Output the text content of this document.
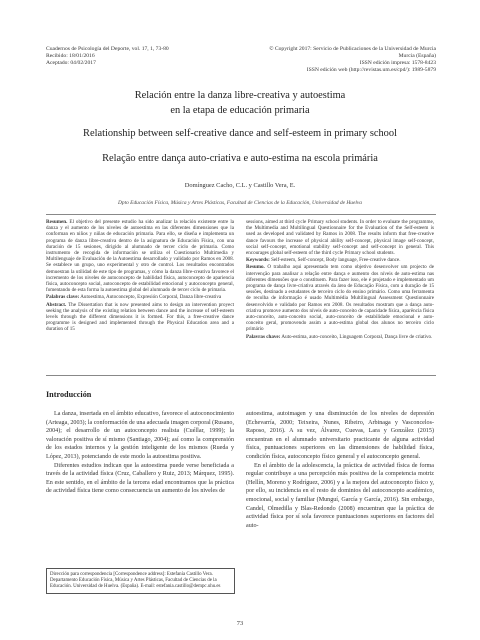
Cuadernos de Psicología del Deporte, vol. 17, 1, 73-80
Recibido: 18/01/2016
Aceptado: 04/02/2017
© Copyright 2017: Servicio de Publicaciones de la Universidad de Murcia
Murcia (España)
ISSN edición impresa: 1578-8423
ISSN edición web (http://revistas.um.es/cpd/): 1989-5879
Relación entre la danza libre-creativa y autoestima
en la etapa de educación primaria
Relationship between self-creative dance and self-esteem in primary school
Relação entre dança auto-criativa e auto-estima na escola primária
Domínguez Cacho, C.L. y Castillo Vera, E.
Dpto Educación Física, Música y Artes Plásticas, Facultad de Ciencias de la Educación, Universidad de Huelva

Resumen. El objetivo del presente estudio ha sido analizar la relación existente entre la danza y el aumento de los niveles de autoestima en las diferentes dimensiones que la conforman en niños y niñas de educación primaria. Para ello, se diseña e implementa un programa de danza libre-creativa dentro de la asignatura de Educación Física, con una duración de 15 sesiones, dirigido al alumnado de tercer ciclo de primaria. Como instrumento de recogida de información se utiliza el Cuestionario Multimedia y Multilenguaje de Evaluación de la Autoestima desarrollado y validado por Ramos en 2008. Se establece un grupo, uno experimental y otro de control. Los resultados encontrados demuestran la utilidad de este tipo de programas, y cómo la danza libre-creativa favorece el incremento de los niveles de autoconcepto de habilidad física, autoconcepto de apariencia física, autoconcepto social, autoconcepto de estabilidad emocional y autoconcepto general, fomentando de esta forma la autoestima global del alumnado de tercer ciclo de primaria.

Palabras clave: Autoestima, Autoconcepto, Expresión Corporal, Danza libre-creativa

Abstract. The Dissertation that is now presented aims to design an intervention proyect seeking the analysis of the existing relation between dance and the increase of self-esteem levels through the different dimensions it is formed. For this, a free-creative dance programme is designed and implemented through the Physical Education area and a duration of 15

sessions, aimed at third cycle Primary school students. In order to evaluate the programme, the Multimedia and Multilingual Questionnaire for the Evaluation of the Self-esteem is used as developed and validated by Ramos in 2008. The results inform that free-creative dance favours the increase of physical ability self-concept, physical image self-concept, social self-concept, emotional stability self-concept and self-concept in general. This encourages global self-esteem of the third cycle Primary school students.

Keywords: Self-esteem, Self-concept, Body language, Free-creative dance.

Resumo. O trabalho aqui apresentado tem como objetivo desenvolver um projecto de intervenção para analisar a relação entre dança e aumento dos níveis de auto-estima nas diferentes dimensões que o constituem. Para fazer isso, ele é projetado e implementado um programa de dança livre-criativa através da área de Educação Física, com a duração de 15 sessões, destinado a estudantes de terceiro ciclo do ensino primário. Como uma ferramenta de recolha de informação é usado Multimédia Multilingual Assessment Questionnaire desenvolvido e validado por Ramos em 2008. Os resultados mostram que a dança auto-criativa promove aumento dos níveis de auto-conceito de capacidade física, aparência física auto-conceito, auto-conceito social, auto-conceito de estabilidade emocional e auto-conceito geral, promovendo assim a auto-estima global dos alunos no terceiro ciclo primário

Palavras chave: Auto-estima, auto-conceito, Linguagem Corporal, Dança livre de criativo.

Introducción

La danza, insertada en el ámbito educativo, favorece el autoconocimiento (Arteaga, 2003); la conformación de una adecuada imagen corporal (Rusano, 2004); el desarrollo de un autoconcepto realista (Cuéllar, 1999); la valoración positiva de sí mismo (Santiago, 2004); así como la comprensión de los estados internos y la gestión inteligente de los mismos (Rueda y López, 2013), potenciando de este modo la autoestima positiva.

Diferentes estudios indican que la autoestima puede verse beneficiada a través de la actividad física (Cruz, Caballero y Ruiz, 2013; Márquez, 1995). En este sentido, en el ámbito de la tercera edad encontramos que la práctica de actividad física tiene como consecuencia un aumento de los niveles de

autoestima, autoimagen y una disminución de los niveles de depresión (Echevarría, 2000; Teixeira, Nunes, Ribeiro, Arbinaga y Vasconcelos-Raposo, 2016). A su vez, Álvarez, Cuevas, Lara y González (2015) encuentran en el alumnado universitario practicante de alguna actividad física, puntuaciones superiores en las dimensiones de habilidad física, condición física, autoconcepto físico general y el autoconcepto general.

En el ámbito de la adolescencia, la práctica de actividad física de forma regular contribuye a una percepción más positiva de la competencia motriz (Hellín, Moreno y Rodríguez, 2006) y a la mejora del autoconcepto físico y, por ello, su incidencia en el resto de dominios del autoconcepto académico, emocional, social y familiar (Munguí, García y García, 2016). Sin embargo, Candel, Olmedilla y Blas-Redondo (2008) encuentran que la práctica de actividad física por sí sola favorece puntuaciones superiores en factores del auto-

Dirección para correspondencia [Correspondence address]: Estefanía Castillo Vera. Departamento Educación Física, Música y Artes Plásticas, Facultad de Ciencias de la Educación. Universidad de Huelva. (España). E-mail: estefania.castillo@dempc.uhu.es
73
